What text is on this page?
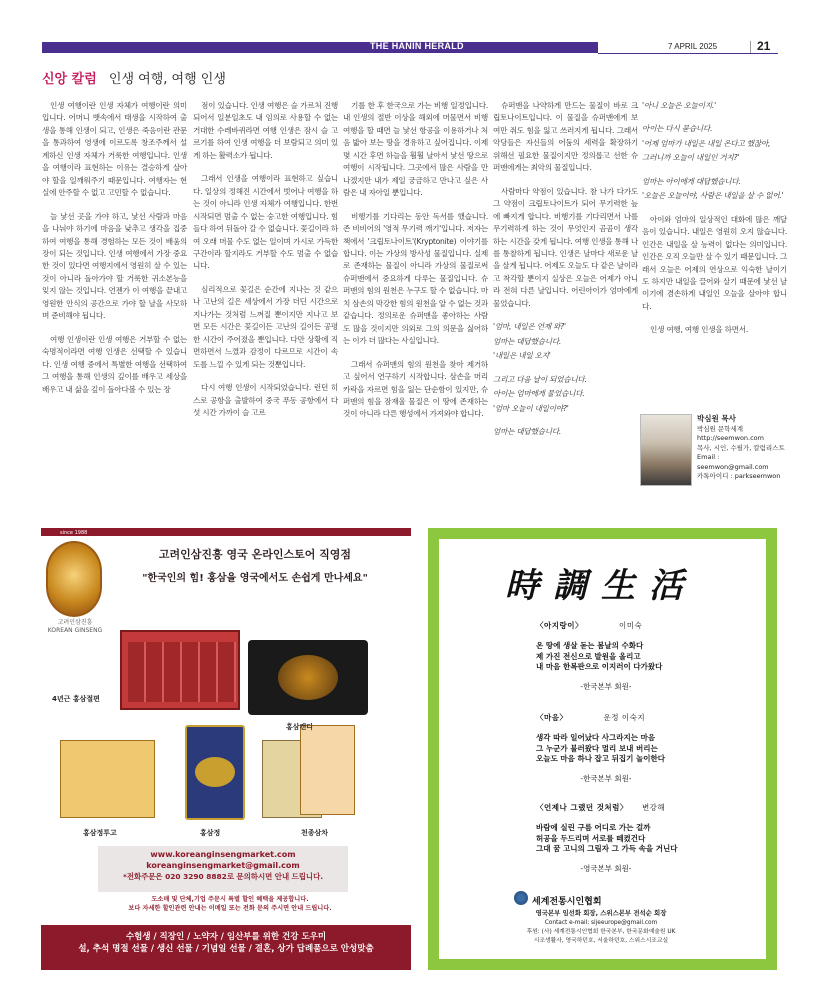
THE HANIN HERALD	7 APRIL 2025	21
신앙 칼럼 인생 여행, 여행 인생

인생 여행이란 인생 자체가 여행이란 의미입니다. 어머니 뱃속에서 태생을 시작하여 출생을 통해 인생이 되고, 인생은 죽음이란 관문을 통과하여 영생에 이르도록 창조주께서 설계하신 인생 자체가 거룩한 여행입니다. 인생을 여행이라 표현하는 이유는 결승하게 살아야 할을 일깨워주기 때문입니다. 여행자는 현실에 안주할 수 없고 고민할 수 없습니다.

늘 낯선 곳을 가야 하고, 낯선 사람과 마음을 나눠야 하기에 마음을 낮추고 생각을 집중하여 여행을 통해 경험하는 모든 것이 배움의 장이 되는 것입니다. 인생 여행에서 가장 중요한 것이 있다면 여행지에서 영원히 살 수 있는 것이 아니라 돌아가야 할 거룩한 귀소본능을 잊지 않는 것입니다. 언젠가 이 여행을 끝내고 영원한 안식의 공간으로 가야 할 날을 사모하며 준비해야 됩니다.

여행 인생이란 인생 여행은 거부할 수 없는 숙명적이라면 여행 인생은 선택할 수 있습니다. 인생 여행 중에서 특별한 여행을 선택하여 그 여행을 통해 인생의 깊이를 배우고 세상을 배우고 내 삶을 깊이 돌아다볼 수 있는 장

점이 있습니다. 인생 여행은 슬 가르처 진행되어서 일분일초도 내 임의로 사용할 수 없는 거대한 수레바퀴라면 여행 인생은 잠시 슬 고르기를 하여 인생 여행을 더 보람되고 의미 있게 하는 활력소가 됩니다.

그래서 인생을 여행이라 표현하고 싶습니다. 일상의 정해진 시간에서 벗어나 여행을 하는 것이 아니라 인생 자체가 여행입니다. 한번 시작되면 멈출 수 없는 숭고한 여행입니다. 힘들다 하여 뒤돌아 갈 수 없습니다. 꽃길이라 하여 오래 머물 수도 없는 일이며 가시로 가득한 구간이라 할지라도 거부할 수도 멈출 수 없습니다.

심리적으로 꽃길은 순간에 지나는 것 같으나 고난의 길은 세상에서 가장 더딘 시간으로 지나가는 것처럼 느껴질 뿐이지만 지나고 보면 모든 시간은 꽃길이든 고난의 길이든 공평한 시간이 주어졌을 뿐입니다. 다만 상황에 직면하면서 느꼈과 감정이 다르므로 시간이 속도를 느낄 수 있게 되는 것뿐입니다.

다시 여행 인생이 시작되었습니다. 런던 히스로 공항을 출발하여 중국 푸동 공항에서 다섯 시간 가까이 슬 고르

기를 한 후 한국으로 가는 비행 일정입니다. 내 인생의 절반 이상을 해외에 머물면서 비행 여행을 할 때면 늘 낯선 항공을 이용하거나 처음 밟아 보는 땅을 경유하고 싶어집니다. 이제 몇 시간 후면 하늘을 훨훨 날아서 낯선 땅으로 여행이 시작됩니다. 그곳에서 많은 사람을 만나겠지만 내가 제일 궁금하고 만나고 싶은 사람은 내 자아일 뿐입니다.

비행기를 기다리는 동안 독서를 했습니다. 존 비비어의 '영적 무기력 깨기'입니다. 저자는 책에서 '크립토나이트'(Kryptonite) 이야기를 합니다. 이는 가상의 방사성 물질입니다. 실제로 존재하는 물질이 아니라 가상의 물질로써 슈퍼맨에서 중요하게 다루는 물질입니다. 슈퍼맨의 힘의 원천은 누구도 할 수 없습니다. 마치 삼손의 막강한 힘의 원천을 알 수 없는 것과 같습니다. 정의로운 슈퍼맨을 좋아하는 사람도 많을 것이지만 의외로 그의 의문을 싫어하는 이가 더 많다는 사실입니다.

그래서 슈퍼맨의 힘의 원천을 찾아 제거하고 싶어서 연구하기 시작합니다. 삼손을 머리카락을 자르면 힘을 잃는 단순함이 있지만, 슈퍼맨의 힘을 잠재울 물질은 이 땅에 존재하는 것이 아니라 다른 행성에서 가져와야 합니다.

슈퍼맨을 나약하게 만드는 물질이 바로 크립토나이트입니다. 이 물질을 슈퍼맨에게 보여만 줘도 힘을 잃고 쓰러지게 됩니다. 그래서 악당들은 자신들의 어둠의 세력을 확장하기 위해선 필요한 물질이지만 정의롭고 선한 슈퍼맨에게는 최악의 물질입니다.

사람마다 약점이 있습니다. 참 나가 다가도 그 약점이 크립토나이트가 되어 무기력한 늪에 빠지게 합니다. 비행기를 기다리면서 나를 무기력하게 하는 것이 무엇인지 곰곰이 생각하는 시간을 갖게 됩니다. 여행 인생을 통해 나를 통찰하게 됩니다. 인생은 날마다 새로운 날을 살게 됩니다. 어제도 오늘도 다 같은 날이라고 착각할 뿐이지 실상은 오늘은 어제가 아니라 전혀 다른 날입니다. 어린아이가 엄마에게 물었습니다.

'엄마, 내일은 언제 와?'

엄마는 대답했습니다.

'내일은 내일 오지'

그리고 다음 날이 되었습니다.

아이는 엄마에게 물었습니다.

'엄마 오늘이 내일이야?'

엄마는 대답했습니다.

'아니 오늘은 오늘이지.'

아이는 다시 묻습니다.

'어제 엄마가 내일은 내일 온다고 했잖아,

그러니까 오늘이 내일인 거지?'

엄마는 아이에게 대답했습니다.

'오늘은 오늘이야, 사람은 내일을 살 수 없어.'

아이와 엄마의 일상적인 대화에 많은 깨달음이 있습니다. 내일은 영원히 오지 않습니다. 인간은 내일을 살 능력이 없다는 의미입니다. 인간은 오직 오늘만 살 수 있기 때문입니다. 그래서 오늘은 어제의 연상으로 익숙한 날이기도 하지만 내일을 끌어와 살기 때문에 낯선 날이기에 겸손하게 내일인 오늘을 살아야 합니다.

인생 여행, 여행 인생을 하면서.

박심원 목사
박심원 문학세계
http://seemwon.com
목사, 시인, 수필가, 칼럼리스트
Email : seemwon@gmail.com
카톡아이디 : parkseemwon
since 1988
고려인삼진흥
KOREAN GINSENG
고려인삼진흥 영국 온라인스토어 직영점
"한국인의 힘! 홍삼을 영국에서도 손쉽게 만나세요"
4년근 홍삼절편
홍삼캔디
홍삼정투고	홍삼정	천종삼차
www.koreanginsengmarket.com
koreanginsengmarket@gmail.com
*전화주문은 020 3290 8882로 문의하시면 안내 드립니다.
도소매 및 단체,기업 주문시 특별 할인 혜택을 제공합니다.
보다 자세한 할인관련 안내는 이메일 또는 전화 문의 주시면 안내 드립니다.
수험생 / 직장인 / 노약자 / 임산부를 위한 건강 도우미
설, 추석 명절 선물 / 생신 선물 / 기념일 선물 / 결혼, 상가 답례품으로 안성맞춤
時調生活
〈아지랑이〉	이미숙
온 땅에 생살 돋는 봄날의 수화다
제 가진 전신으로 발원을 올리고
내 마음 한복판으로 이지러이 다가왔다
-한국본부 회원-
〈마음〉	운정 이숙지
생각 따라 일어났다 사그라지는 마음
그 누군가 불러왔다 멀리 보내 버리는
오늘도 마음 하나 잡고 뒤집기 놀이한다
-한국본부 회원-
〈언제나 그랬던 것처럼〉 변강해
바람에 실린 구름 어디로 가는 걸까
허공을 두드리며 서로를 떼켰건다
그대 꿈 고니의 그림자 그 가득 속을 거닌다
-영국본부 회원-
세계전통시인협회
영국본부 임선화 회장, 스위스본부 전석순 회장
Contact e-mail: sijeeurope@gmail.com
후원: (사) 세계전통시인협회 한국본부, 한국문화예술원 UK
시조생활사, 영국하던호, 서울하던호, 스위스시조교실
